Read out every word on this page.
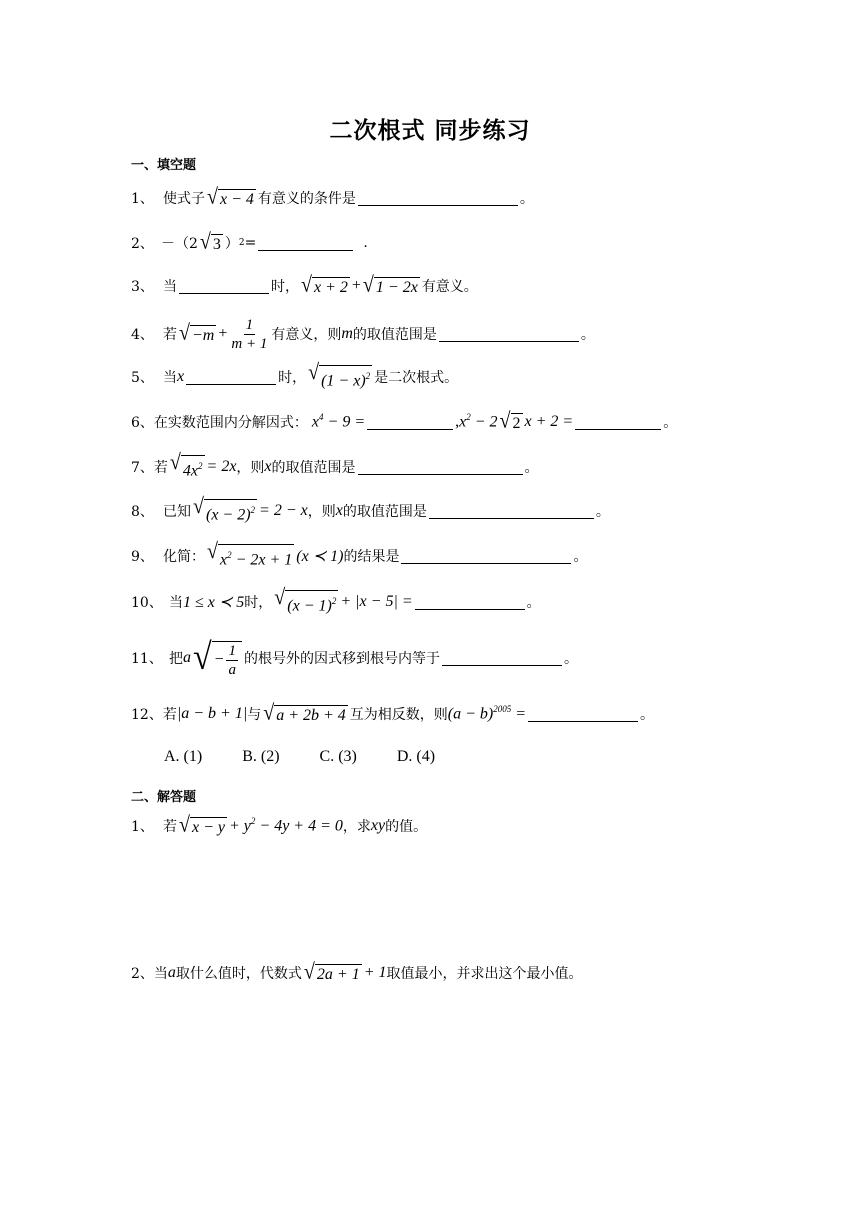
二次根式 同步练习
一、填空题
1、 使式子 √ x − 4 有意义的条件是	。
2、 －（2 √ 3 ） 2 =	.
3、 当	时， √ x + 2 + √ 1 − 2x 有意义。
4、 若 √ $-m + \frac{1}{m + 1}$ 有意义，则 m 的取值范围是	。
5、 当 x	时， √ $(1 - x)^2$ 是二次根式。
6、 在实数范围内分解因式： $x^4 - 9$ =	, $x^2 - 2$ √ 2 x + 2 =	。
7、 若 √ $4x^2 = 2x$ ，则 x 的取值范围是	。
8、 已知 √ $(x - 2)^2 = 2 - x$ ，则 x 的取值范围是	。
9、 化简： √ $x^2 - 2x + 1$ (x ≺ 1) 的结果是	。
10、 当 1 ≤ x ≺ 5 时， √ $(x - 1)^2 + |x - 5|$ =	。
11、 把 a √ − $\frac{1}{a}$ 的根号外的因式移到根号内等于	。
12、 若 |a − b + 1| 与 √ a + 2b + 4 互为相反数，则 $(a - b)^{2005}$ =	。
A. (1)	B. (2)	C. (3)	D. (4)
二、解答题
1、 若 √ $x - y + y^2 - 4y + 4 = 0$ ，求 xy 的值。
2、 当 a 取什么值时，代数式 √ 2a + 1 + 1 取值最小，并求出这个最小值。
